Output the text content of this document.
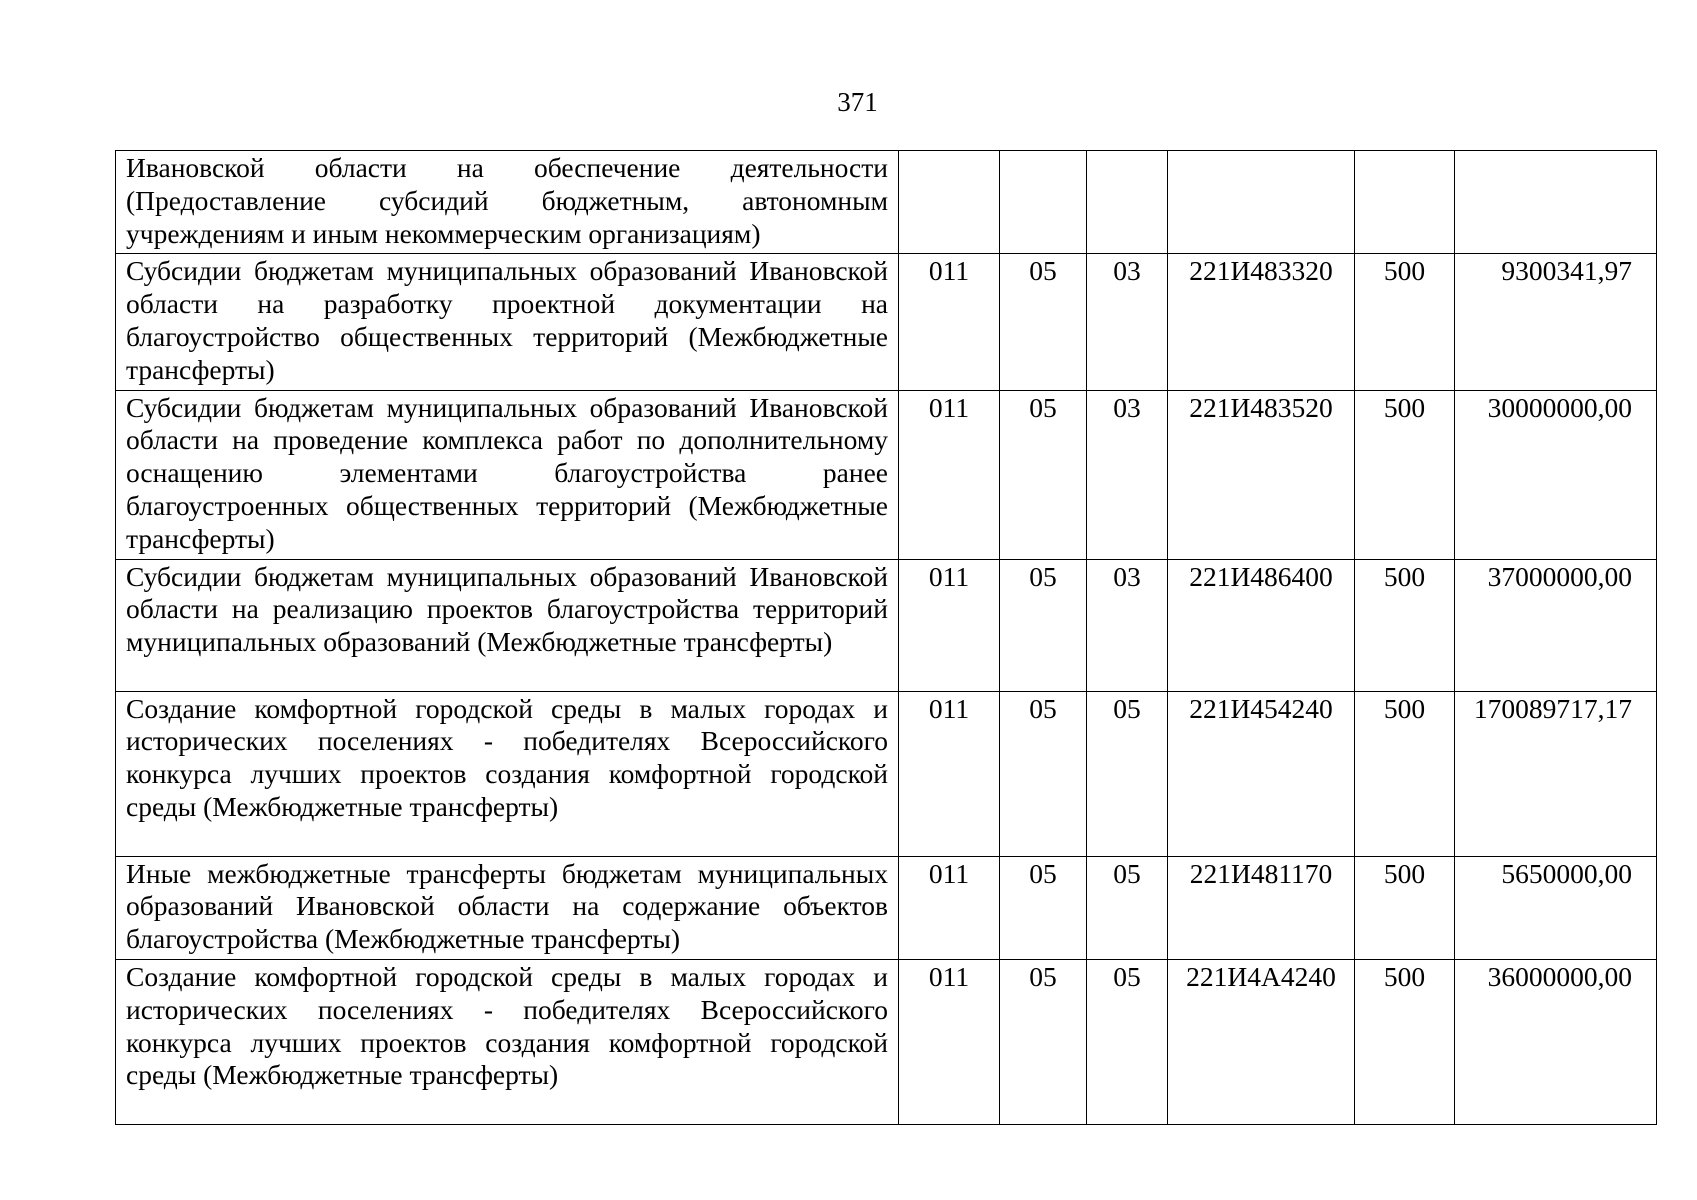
371
Ивановской области на обеспечение деятельности (Предоставление субсидий бюджетным, автономным учреждениям и иным некоммерческим организациям)						
Субсидии бюджетам муниципальных образований Ивановской области на разработку проектной документации на благоустройство общественных территорий (Межбюджетные трансферты)	011	05	03	221И483320	500	9300341,97
Субсидии бюджетам муниципальных образований Ивановской области на проведение комплекса работ по дополнительному оснащению элементами благоустройства ранее благоустроенных общественных территорий (Межбюджетные трансферты)	011	05	03	221И483520	500	30000000,00
Субсидии бюджетам муниципальных образований Ивановской области на реализацию проектов благоустройства территорий муниципальных образований (Межбюджетные трансферты)	011	05	03	221И486400	500	37000000,00
Создание комфортной городской среды в малых городах и исторических поселениях - победителях Всероссийского конкурса лучших проектов создания комфортной городской среды (Межбюджетные трансферты)	011	05	05	221И454240	500	170089717,17
Иные межбюджетные трансферты бюджетам муниципальных образований Ивановской области на содержание объектов благоустройства (Межбюджетные трансферты)	011	05	05	221И481170	500	5650000,00
Создание комфортной городской среды в малых городах и исторических поселениях - победителях Всероссийского конкурса лучших проектов создания комфортной городской среды (Межбюджетные трансферты)	011	05	05	221И4А4240	500	36000000,00
